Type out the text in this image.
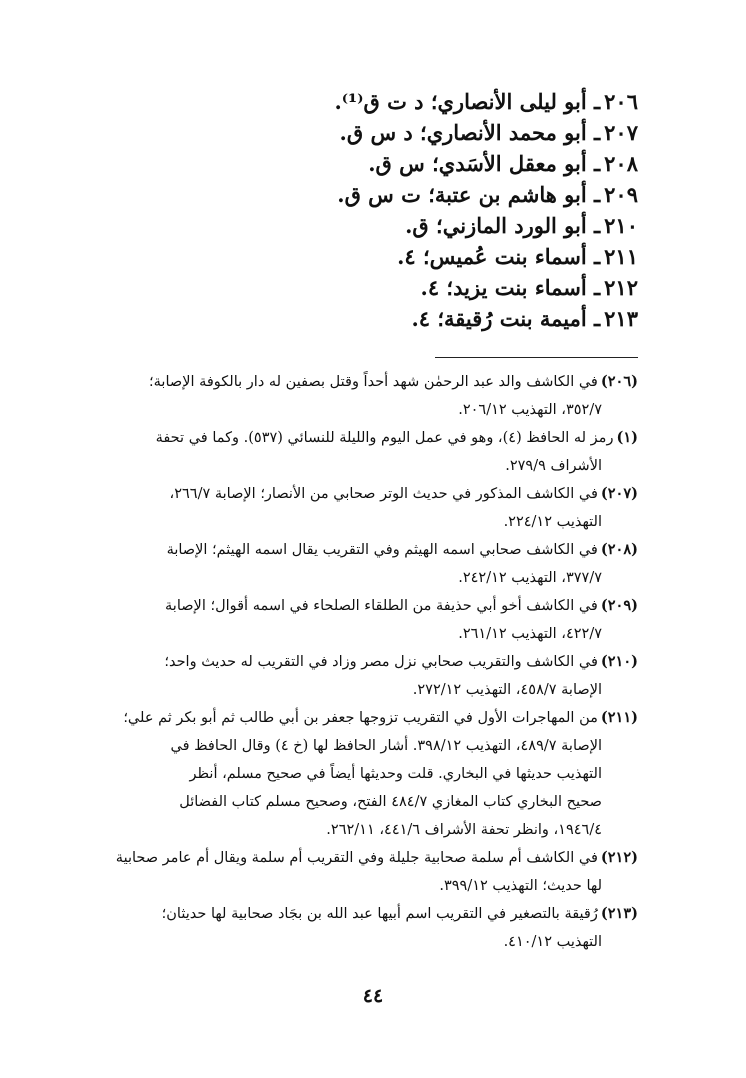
٢٠٦ـ أبو ليلى الأنصاري؛ د ت ق⁽¹⁾.
٢٠٧ـ أبو محمد الأنصاري؛ د س ق.
٢٠٨ـ أبو معقل الأسَدي؛ س ق.
٢٠٩ـ أبو هاشم بن عتبة؛ ت س ق.
٢١٠ـ أبو الورد المازني؛ ق.
٢١١ـ أسماء بنت عُميس؛ ٤.
٢١٢ـ أسماء بنت يزيد؛ ٤.
٢١٣ـ أميمة بنت رُقيقة؛ ٤.
(٢٠٦)في الكاشف والد عبد الرحمٰن شهد أحداً وقتل بصفين له دار بالكوفة الإصابة؛
٣٥٢/٧، التهذيب ٢٠٦/١٢.
(١)رمز له الحافظ (٤)، وهو في عمل اليوم والليلة للنسائي (٥٣٧). وكما في تحفة
الأشراف ٢٧٩/٩.
(٢٠٧)في الكاشف المذكور في حديث الوتر صحابي من الأنصار؛ الإصابة ٢٦٦/٧،
التهذيب ٢٢٤/١٢.
(٢٠٨)في الكاشف صحابي اسمه الهيثم وفي التقريب يقال اسمه الهيثم؛ الإصابة
٣٧٧/٧، التهذيب ٢٤٢/١٢.
(٢٠٩)في الكاشف أخو أبي حذيفة من الطلقاء الصلحاء في اسمه أقوال؛ الإصابة
٤٢٢/٧، التهذيب ٢٦١/١٢.
(٢١٠)في الكاشف والتقريب صحابي نزل مصر وزاد في التقريب له حديث واحد؛
الإصابة ٤٥٨/٧، التهذيب ٢٧٢/١٢.
(٢١١)من المهاجرات الأول في التقريب تزوجها جعفر بن أبي طالب ثم أبو بكر ثم علي؛
الإصابة ٤٨٩/٧، التهذيب ٣٩٨/١٢. أشار الحافظ لها (خ ٤) وقال الحافظ في
التهذيب حديثها في البخاري. قلت وحديثها أيضاً في صحيح مسلم، أنظر
صحيح البخاري كتاب المغازي ٤٨٤/٧ الفتح، وصحيح مسلم كتاب الفضائل
١٩٤٦/٤، وانظر تحفة الأشراف ٤٤١/٦، ٢٦٢/١١.
(٢١٢)في الكاشف أم سلمة صحابية جليلة وفي التقريب أم سلمة ويقال أم عامر صحابية
لها حديث؛ التهذيب ٣٩٩/١٢.
(٢١٣)رُقيقة بالتصغير في التقريب اسم أبيها عبد الله بن بجَاد صحابية لها حديثان؛
التهذيب ٤١٠/١٢.
٤٤
